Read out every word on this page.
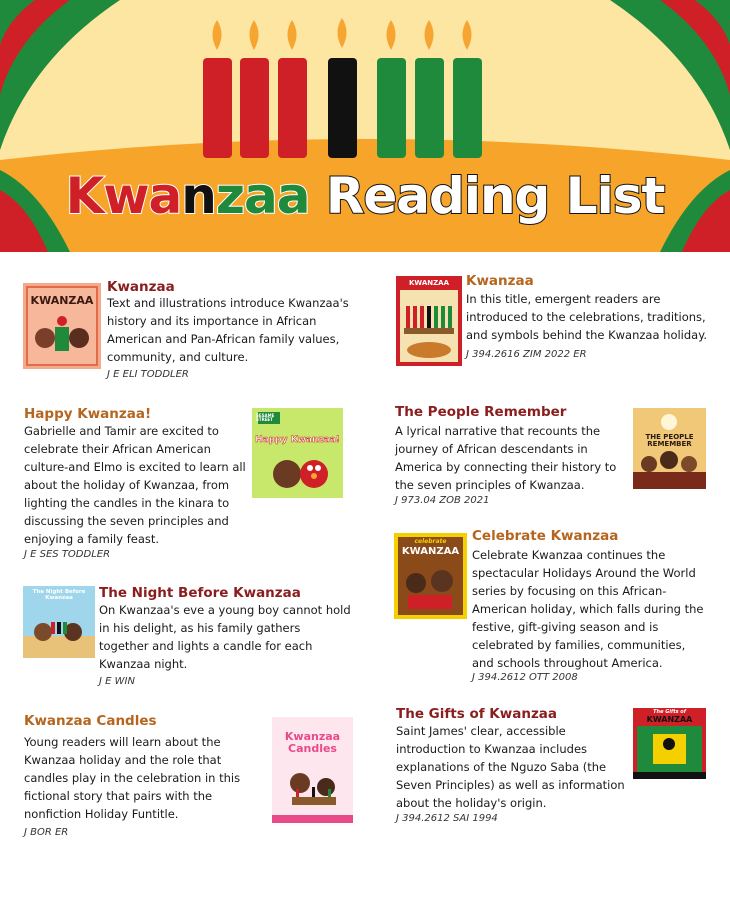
Kwanzaa Reading List
KWANZAA
Kwanzaa
Text and illustrations introduce Kwanzaa's history and its importance in African American and Pan-African family values, community, and culture.
J E ELI TODDLER
Happy Kwanzaa!
Gabrielle and Tamir are excited to celebrate their African American culture-and Elmo is excited to learn all about the holiday of Kwanzaa, from lighting the candles in the kinara to discussing the seven principles and enjoying a family feast.
J E SES TODDLER
SESAME STREET
Happy Kwanzaa!
The Night Before Kwanzaa	The Night Before Kwanzaa
On Kwanzaa's eve a young boy cannot hold in his delight, as his family gathers together and lights a candle for each Kwanzaa night.
J E WIN
Kwanzaa Candles
Young readers will learn about the Kwanzaa holiday and the role that candles play in the celebration in this fictional story that pairs with the nonfiction Holiday Funtitle.
J BOR ER
Kwanzaa Candles
KWANZAA	Kwanzaa
In this title, emergent readers are introduced to the celebrations, traditions, and symbols behind the Kwanzaa holiday.
J 394.2616 ZIM 2022 ER
The People Remember
A lyrical narrative that recounts the journey of African descendants in America by connecting their history to the seven principles of Kwanzaa.
J 973.04 ZOB 2021
THE PEOPLE REMEMBER
celebrate
KWANZAA
Celebrate Kwanzaa
Celebrate Kwanzaa continues the spectacular Holidays Around the World series by focusing on this African-American holiday, which falls during the festive, gift-giving season and is celebrated by families, communities, and schools throughout America.
J 394.2612 OTT 2008
The Gifts of Kwanzaa
Saint James' clear, accessible introduction to Kwanzaa includes explanations of the Nguzo Saba (the Seven Principles) as well as information about the holiday's origin.
J 394.2612 SAI 1994
The Gifts of
KWANZAA
